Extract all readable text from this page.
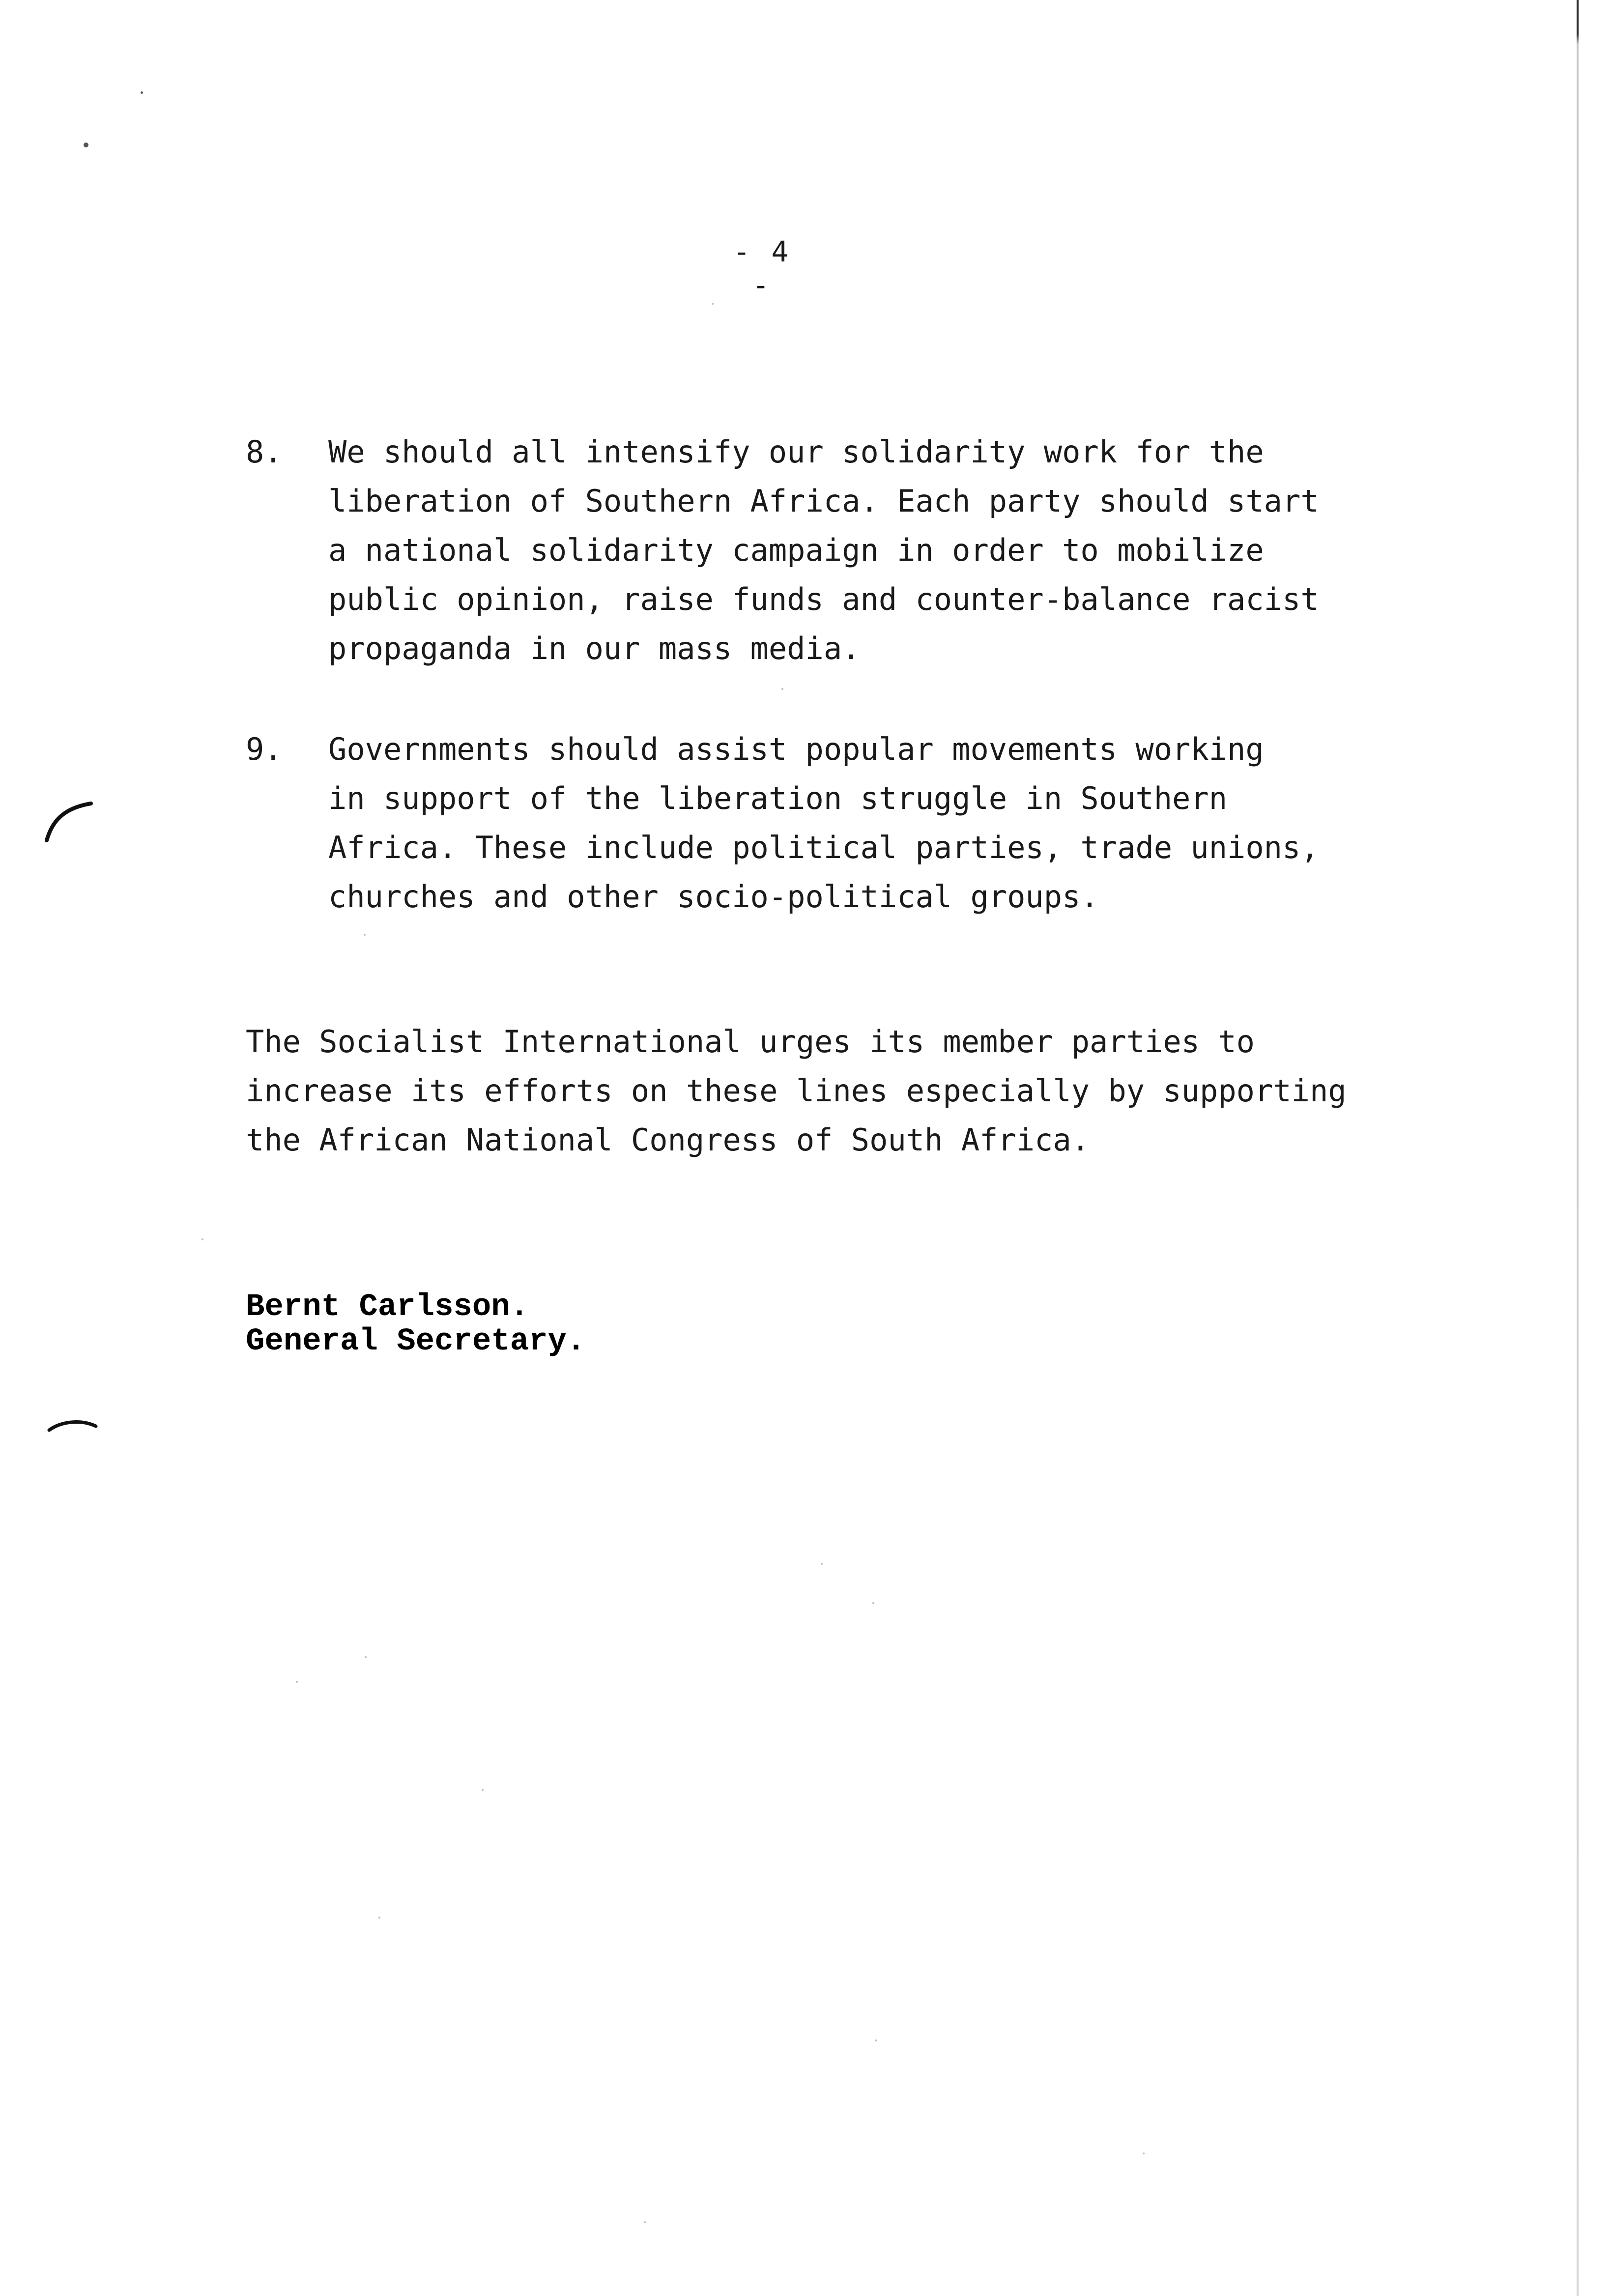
- 4 -
8.	We should all intensify our solidarity work for the
liberation of Southern Africa. Each party should start
a national solidarity campaign in order to mobilize
public opinion, raise funds and counter-balance racist
propaganda in our mass media.
9.	Governments should assist popular movements working
in support of the liberation struggle in Southern
Africa. These include political parties, trade unions,
churches and other socio-political groups.
The Socialist International urges its member parties to
increase its efforts on these lines especially by supporting
the African National Congress of South Africa.
Bernt Carlsson.
General Secretary.
